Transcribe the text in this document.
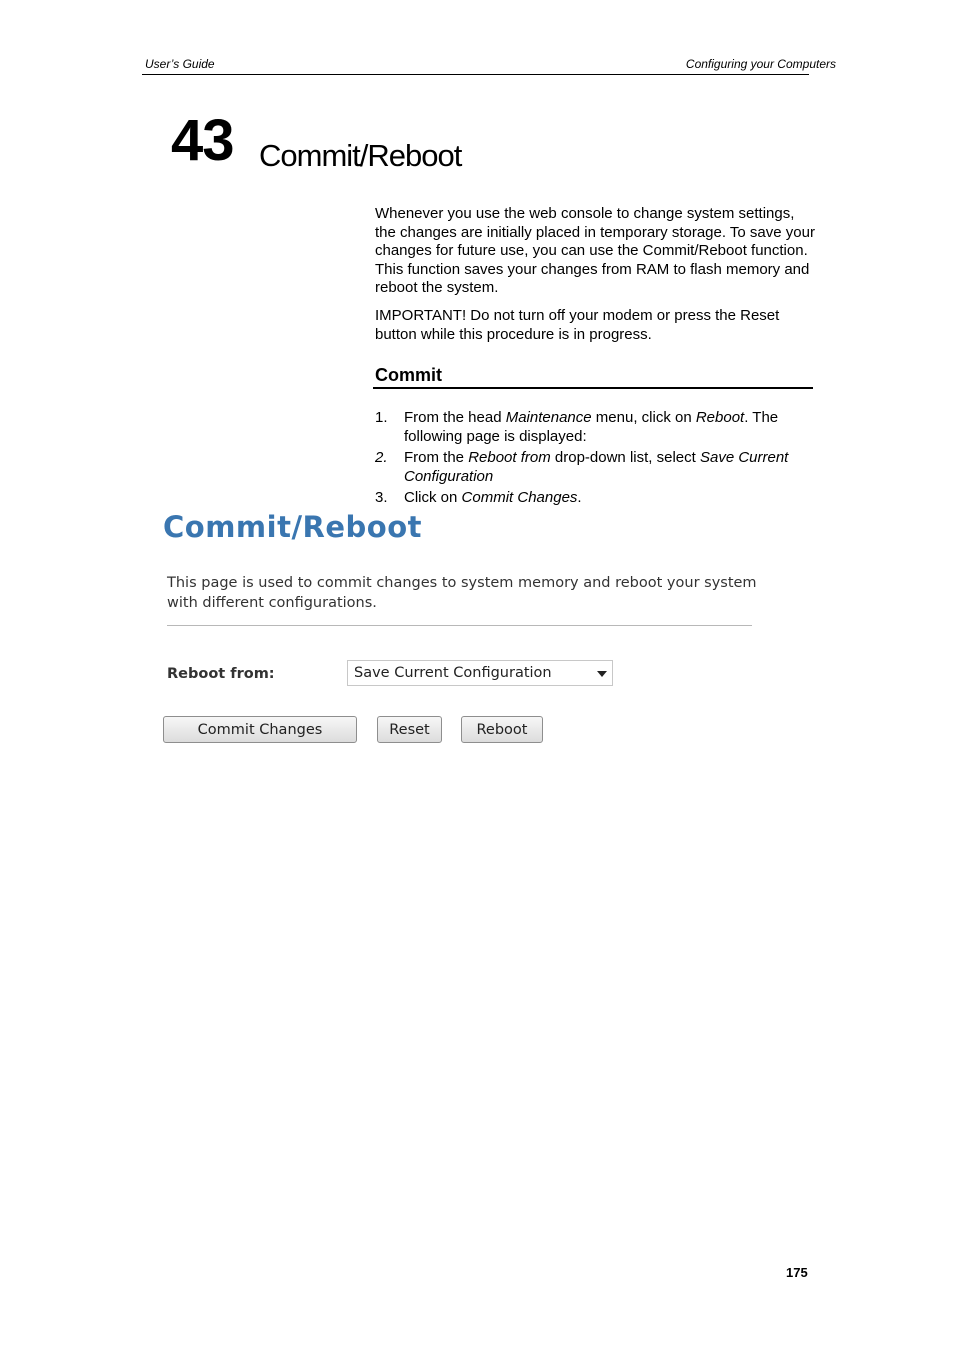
User’s Guide	Configuring your Computers
43 Commit/Reboot

Whenever you use the web console to change system settings, the changes are initially placed in temporary storage. To save your changes for future use, you can use the Commit/Reboot function. This function saves your changes from RAM to flash memory and reboot the system.

IMPORTANT! Do not turn off your modem or press the Reset button while this procedure is in progress.

Commit
1.	From the head Maintenance menu, click on Reboot. The following page is displayed:
2.	From the Reboot from drop-down list, select Save Current Configuration
3.	Click on Commit Changes.
Commit/Reboot
This page is used to commit changes to system memory and reboot your system with different configurations.
Reboot from:	Save Current Configuration
Commit Changes	Reset	Reboot
175
